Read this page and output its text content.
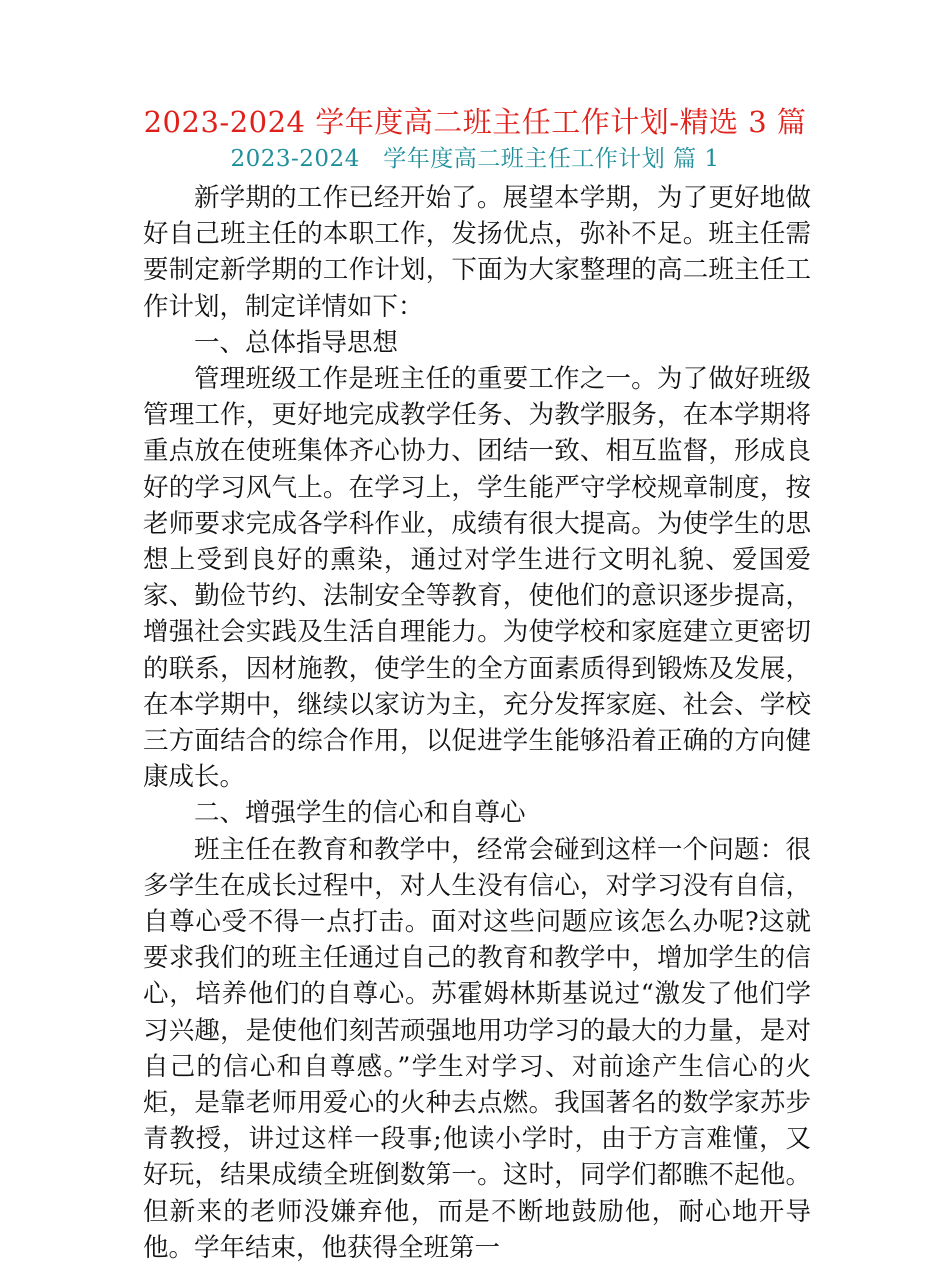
2023-2024 学年度高二班主任工作计划-精选 3 篇
2023-2024   学年度高二班主任工作计划 篇 1

新学期的工作已经开始了。展望本学期，为了更好地做好自己班主任的本职工作，发扬优点，弥补不足。班主任需要制定新学期的工作计划，下面为大家整理的高二班主任工作计划，制定详情如下：

一、总体指导思想

管理班级工作是班主任的重要工作之一。为了做好班级管理工作，更好地完成教学任务、为教学服务，在本学期将重点放在使班集体齐心协力、团结一致、相互监督，形成良好的学习风气上。在学习上，学生能严守学校规章制度，按老师要求完成各学科作业，成绩有很大提高。为使学生的思想上受到良好的熏染，通过对学生进行文明礼貌、爱国爱家、勤俭节约、法制安全等教育，使他们的意识逐步提高，增强社会实践及生活自理能力。为使学校和家庭建立更密切的联系，因材施教，使学生的全方面素质得到锻炼及发展，在本学期中，继续以家访为主，充分发挥家庭、社会、学校三方面结合的综合作用，以促进学生能够沿着正确的方向健康成长。

二、增强学生的信心和自尊心

班主任在教育和教学中，经常会碰到这样一个问题：很多学生在成长过程中，对人生没有信心，对学习没有自信，自尊心受不得一点打击。面对这些问题应该怎么办呢?这就要求我们的班主任通过自己的教育和教学中，增加学生的信心，培养他们的自尊心。苏霍姆林斯基说过“激发了他们学习兴趣，是使他们刻苦顽强地用功学习的最大的力量，是对自己的信心和自尊感。”学生对学习、对前途产生信心的火炬，是靠老师用爱心的火种去点燃。我国著名的数学家苏步青教授，讲过这样一段事;他读小学时，由于方言难懂，又好玩，结果成绩全班倒数第一。这时，同学们都瞧不起他。但新来的老师没嫌弃他，而是不断地鼓励他，耐心地开导他。学年结束，他获得全班第一
